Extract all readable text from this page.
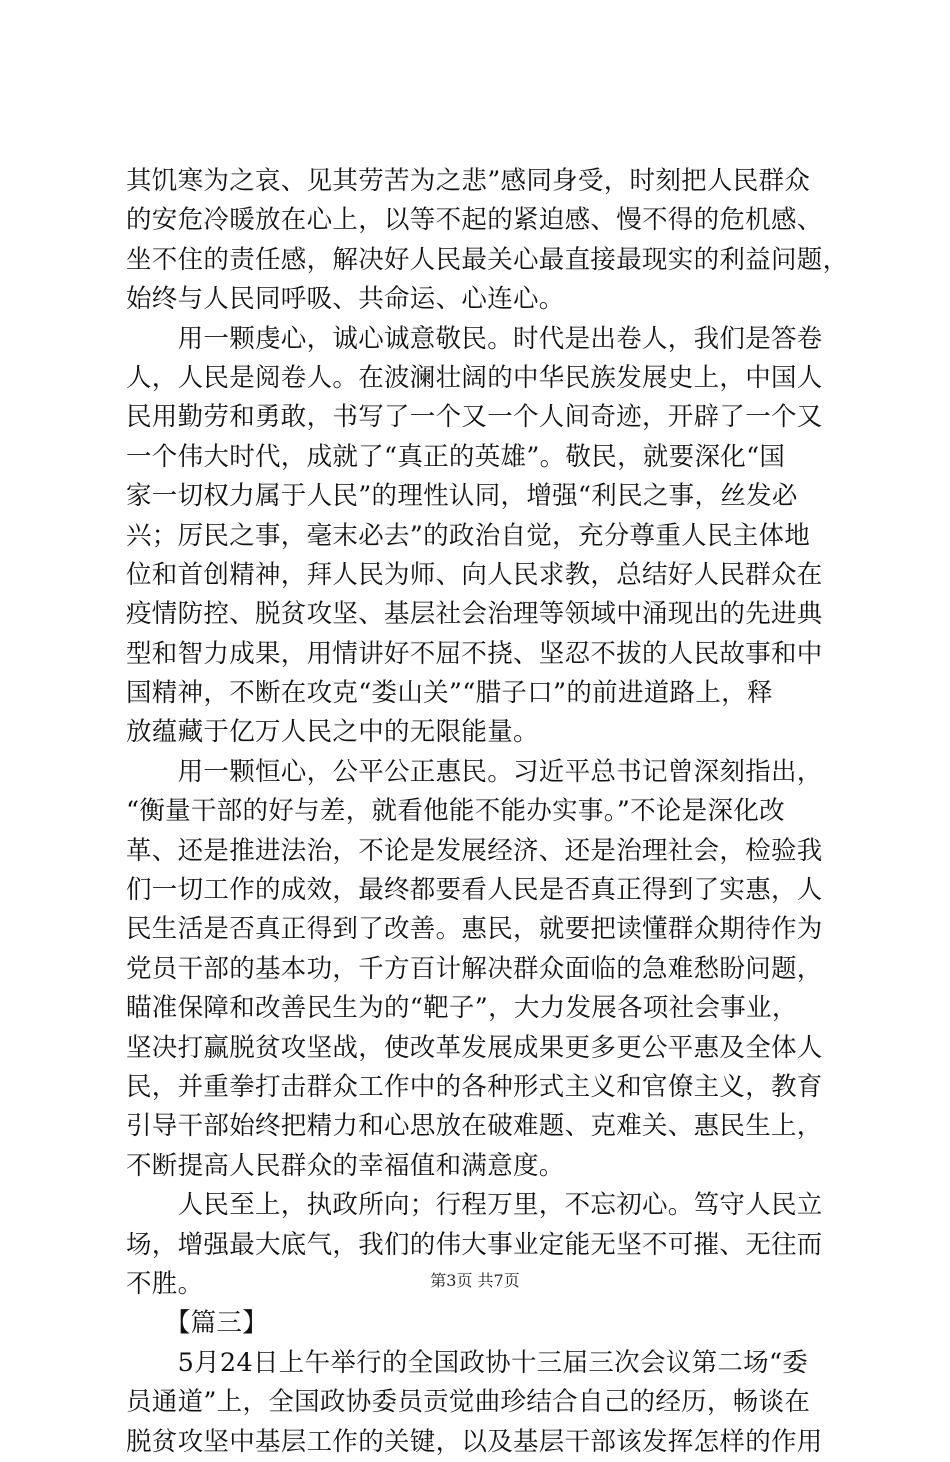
其饥寒为之哀、见其劳苦为之悲”感同身受，时刻把人民群众
的安危冷暖放在心上，以等不起的紧迫感、慢不得的危机感、
坐不住的责任感，解决好人民最关心最直接最现实的利益问题，
始终与人民同呼吸、共命运、心连心。
　　用一颗虔心，诚心诚意敬民。时代是出卷人，我们是答卷
人，人民是阅卷人。在波澜壮阔的中华民族发展史上，中国人
民用勤劳和勇敢，书写了一个又一个人间奇迹，开辟了一个又
一个伟大时代，成就了“真正的英雄”。敬民，就要深化“国
家一切权力属于人民”的理性认同，增强“利民之事，丝发必
兴；厉民之事，毫末必去”的政治自觉，充分尊重人民主体地
位和首创精神，拜人民为师、向人民求教，总结好人民群众在
疫情防控、脱贫攻坚、基层社会治理等领域中涌现出的先进典
型和智力成果，用情讲好不屈不挠、坚忍不拔的人民故事和中
国精神，不断在攻克“娄山关”“腊子口”的前进道路上，释
放蕴藏于亿万人民之中的无限能量。
　　用一颗恒心，公平公正惠民。习近平总书记曾深刻指出，
“衡量干部的好与差，就看他能不能办实事。”不论是深化改
革、还是推进法治，不论是发展经济、还是治理社会，检验我
们一切工作的成效，最终都要看人民是否真正得到了实惠，人
民生活是否真正得到了改善。惠民，就要把读懂群众期待作为
党员干部的基本功，千方百计解决群众面临的急难愁盼问题，
瞄准保障和改善民生为的“靶子”，大力发展各项社会事业，
坚决打赢脱贫攻坚战，使改革发展成果更多更公平惠及全体人
民，并重拳打击群众工作中的各种形式主义和官僚主义，教育
引导干部始终把精力和心思放在破难题、克难关、惠民生上，
不断提高人民群众的幸福值和满意度。
　　人民至上，执政所向；行程万里，不忘初心。笃守人民立
场，增强最大底气，我们的伟大事业定能无坚不可摧、无往而
不胜。
　　【篇三】
　　5月24日上午举行的全国政协十三届三次会议第二场“委
员通道”上，全国政协委员贡觉曲珍结合自己的经历，畅谈在
脱贫攻坚中基层工作的关键，以及基层干部该发挥怎样的作用
第3页 共7页
